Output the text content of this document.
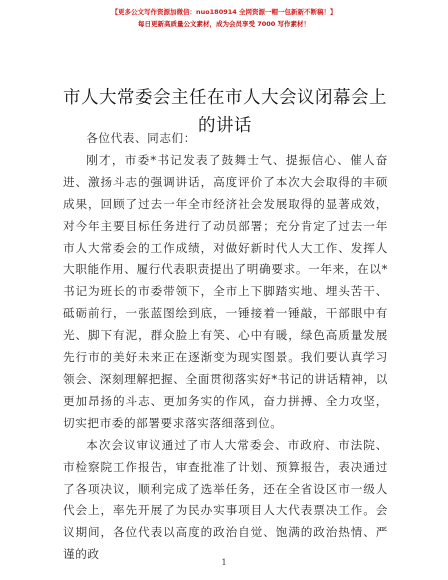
【更多公文写作资源加微信：nuo180914 全网资源一帽一包新新不断稿！】
每日更新高质量公文素材，成为会员享受 7000 写作素材！
市人大常委会主任在市人大会议闭幕会上的讲话

各位代表、同志们：

刚才，市委*书记发表了鼓舞士气、提振信心、催人奋进、激扬斗志的强调讲话，高度评价了本次大会取得的丰硕成果，回顾了过去一年全市经济社会发展取得的显著成效，对今年主要目标任务进行了动员部署；充分肯定了过去一年市人大常委会的工作成绩，对做好新时代人大工作、发挥人大职能作用、履行代表职责提出了明确要求。一年来，在以*书记为班长的市委带领下，全市上下脚踏实地、埋头苦干、砥砺前行，一张蓝图绘到底，一锤接着一锤敲，干部眼中有光、脚下有泥，群众脸上有笑、心中有暖，绿色高质量发展先行市的美好未来正在逐渐变为现实图景。我们要认真学习领会、深刻理解把握、全面贯彻落实好*书记的讲话精神，以更加昂扬的斗志、更加务实的作风，奋力拼搏、全力攻坚，切实把市委的部署要求落实落细落到位。

本次会议审议通过了市人大常委会、市政府、市法院、市检察院工作报告，审查批准了计划、预算报告，表决通过了各项决议，顺利完成了选举任务，还在全省设区市一级人代会上，率先开展了为民办实事项目人大代表票决工作。会议期间，各位代表以高度的政治自觉、饱满的政治热情、严谨的政

1
